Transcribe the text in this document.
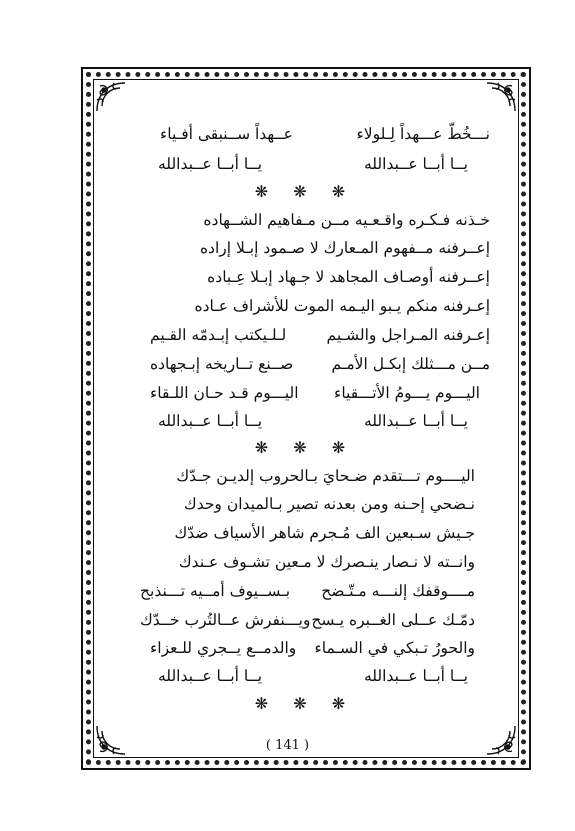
نـــخُطّ عـــهداً لِـلولاء
عــهداً ســنبقى أفـياء
يــا أبــا عــبدالله
يــا أبــا عــبدالله
❋ ❋ ❋
خـذنه فـكـره واقـعـيه مــن مـفاهيم الشــهاده
إعــرفنه مــفهوم المـعارك لا صـمود إبـلا إراده
إعــرفنه أوصـاف المجاهد لا جـهاد إبـلا عِـباده
إعـرفنه منكم يـبو اليـمه الموت للأشراف عـاده
إعـرفنه المـراجل والشـيم
لـلـيكتب إبـدمّه القـيم
مــن مـــثلك إبكـل الأمـم
صــنع تــاريخه إبـجهاده
اليـــوم يـــومُ الأتـــقياء
اليـــوم قـد حـان اللـقاء
يــا أبــا عــبدالله
يــا أبــا عــبدالله
❋ ❋ ❋
اليــــوم تـــتقدم ضـحايَ بـالحروب إلديـن جـدّك
نـضحي إحـنه ومن بعدنه تصير بـالميدان وحدك
جـيش سـبعين الف مُـجرم شاهر الأسياف ضدّك
وانــته لا نـصار ينـصرك لا مـعين تشـوف عـندك
مــــوقفك إلنـــه مـتّـضح
بـســيوف أمــيه تـــنذبح
دمّـك عــلى الغــبره يـسح
ويـــنفرش عــالتُرب خــدّك
والحورُ تـبكي في السـماء
والدمــع يــجري للـعزاء
يــا أبــا عــبدالله
يــا أبــا عــبدالله
❋ ❋ ❋
( 141 )
